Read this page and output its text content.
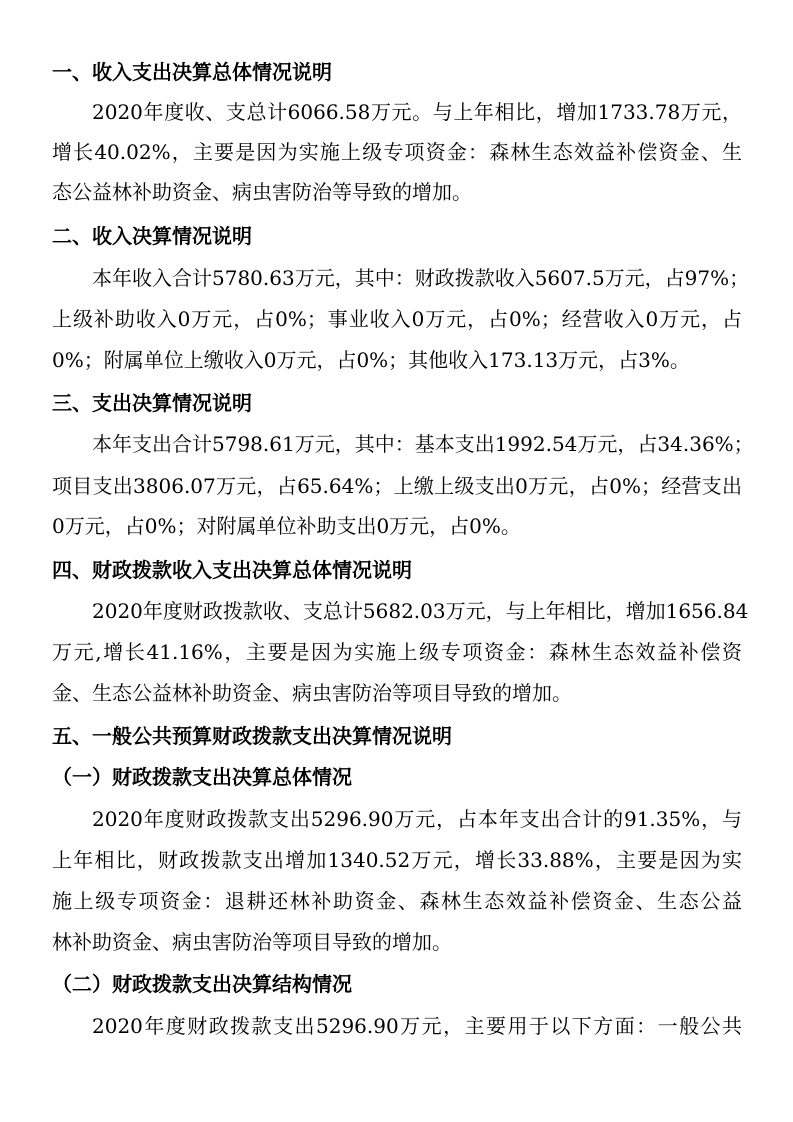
一、收入支出决算总体情况说明
2020年度收、支总计6066.58万元。与上年相比，增加1733.78万元，
增长40.02%，主要是因为实施上级专项资金：森林生态效益补偿资金、生
态公益林补助资金、病虫害防治等导致的增加。
二、收入决算情况说明
本年收入合计5780.63万元，其中：财政拨款收入5607.5万元，占97%；
上级补助收入0万元，占0%；事业收入0万元，占0%；经营收入0万元，占
0%；附属单位上缴收入0万元，占0%；其他收入173.13万元，占3%。
三、支出决算情况说明
本年支出合计5798.61万元，其中：基本支出1992.54万元，占34.36%；
项目支出3806.07万元，占65.64%；上缴上级支出0万元，占0%；经营支出
0万元，占0%；对附属单位补助支出0万元，占0%。
四、财政拨款收入支出决算总体情况说明
2020年度财政拨款收、支总计5682.03万元，与上年相比，增加1656.84
万元,增长41.16%，主要是因为实施上级专项资金：森林生态效益补偿资
金、生态公益林补助资金、病虫害防治等项目导致的增加。
五、一般公共预算财政拨款支出决算情况说明
（一）财政拨款支出决算总体情况
2020年度财政拨款支出5296.90万元，占本年支出合计的91.35%，与
上年相比，财政拨款支出增加1340.52万元，增长33.88%，主要是因为实
施上级专项资金：退耕还林补助资金、森林生态效益补偿资金、生态公益
林补助资金、病虫害防治等项目导致的增加。
（二）财政拨款支出决算结构情况
2020年度财政拨款支出5296.90万元，主要用于以下方面：一般公共
